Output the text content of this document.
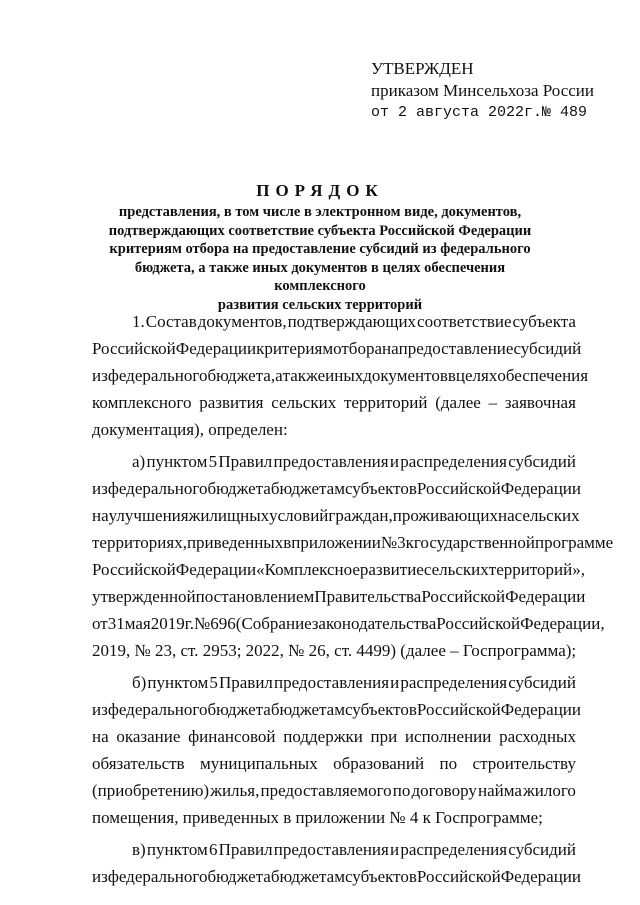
УТВЕРЖДЕН
приказом Минсельхоза России
от 2 августа 2022г.№ 489
ПОРЯДОК
представления, в том числе в электронном виде, документов,
подтверждающих соответствие субъекта Российской Федерации
критериям отбора на предоставление субсидий из федерального
бюджета, а также иных документов в целях обеспечения комплексного
развития сельских территорий
1. Состав документов, подтверждающих соответствие субъекта
Российской Федерации критериям отбора на предоставление субсидий
из федерального бюджета, а также иных документов в целях обеспечения
комплексного развития сельских территорий (далее – заявочная
документация), определен:
а) пунктом 5 Правил предоставления и распределения субсидий
из федерального бюджета бюджетам субъектов Российской Федерации
на улучшения жилищных условий граждан, проживающих на сельских
территориях, приведенных в приложении № 3 к государственной программе
Российской Федерации «Комплексное развитие сельских территорий»,
утвержденной постановлением Правительства Российской Федерации
от 31 мая 2019 г. № 696 (Собрание законодательства Российской Федерации,
2019, № 23, ст. 2953; 2022, № 26, ст. 4499) (далее – Госпрограмма);
б) пунктом 5 Правил предоставления и распределения субсидий
из федерального бюджета бюджетам субъектов Российской Федерации
на оказание финансовой поддержки при исполнении расходных
обязательств муниципальных образований по строительству
(приобретению) жилья, предоставляемого по договору найма жилого
помещения, приведенных в приложении № 4 к Госпрограмме;
в) пунктом 6 Правил предоставления и распределения субсидий
из федерального бюджета бюджетам субъектов Российской Федерации
